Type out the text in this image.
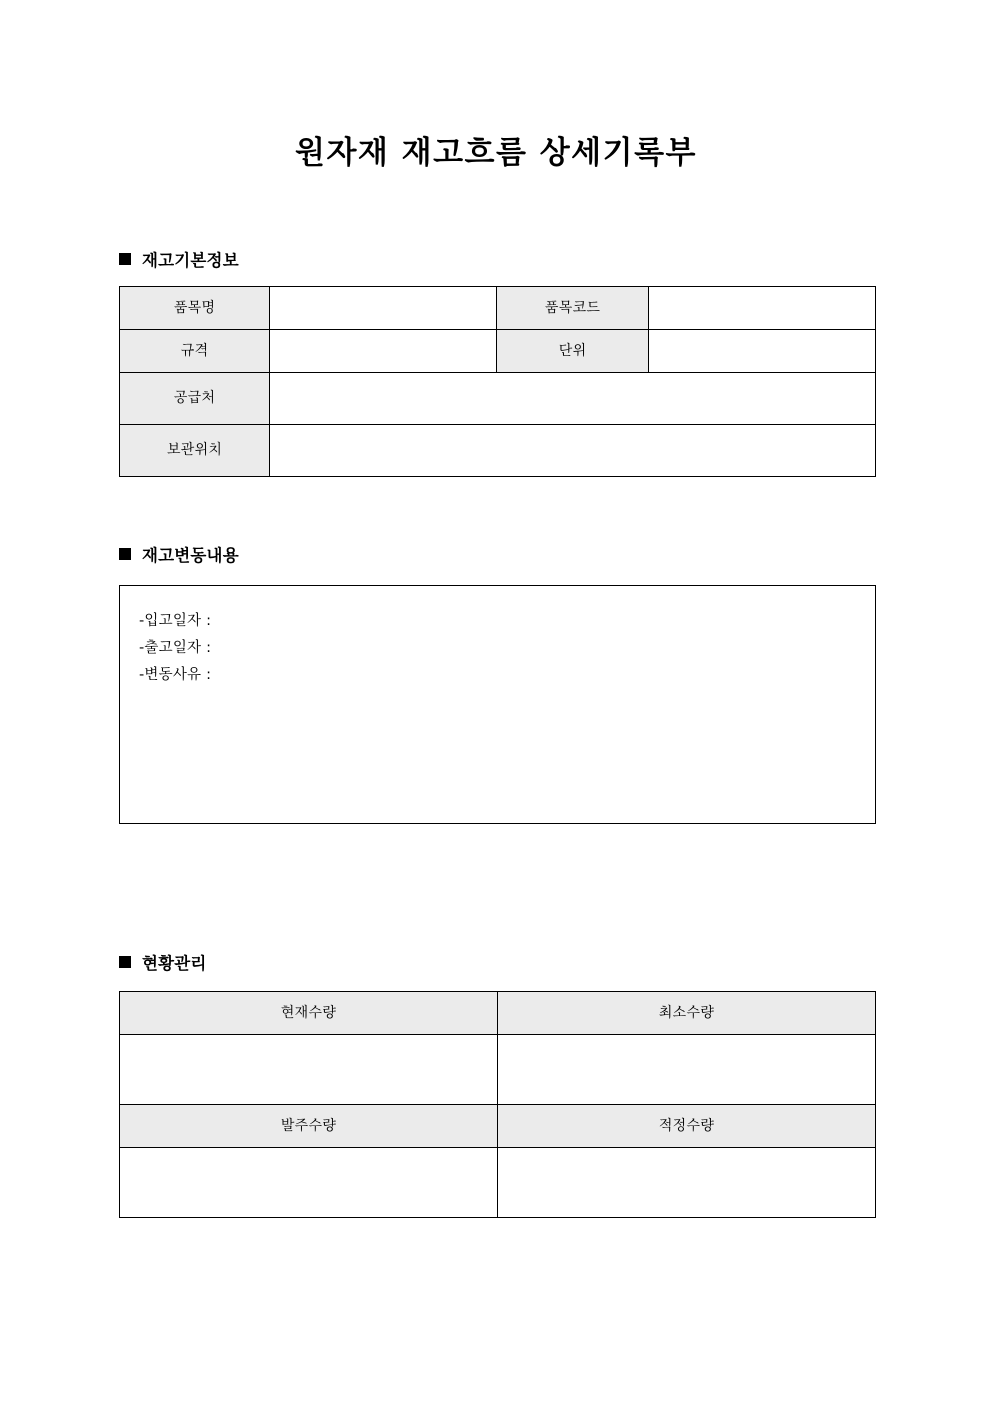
원자재 재고흐름 상세기록부
재고기본정보
품목명		품목코드	
규격		단위	
공급처			
보관위치			
재고변동내용
-입고일자 :
-출고일자 :
-변동사유 :
현황관리
현재수량	최소수량

발주수량	적정수량
